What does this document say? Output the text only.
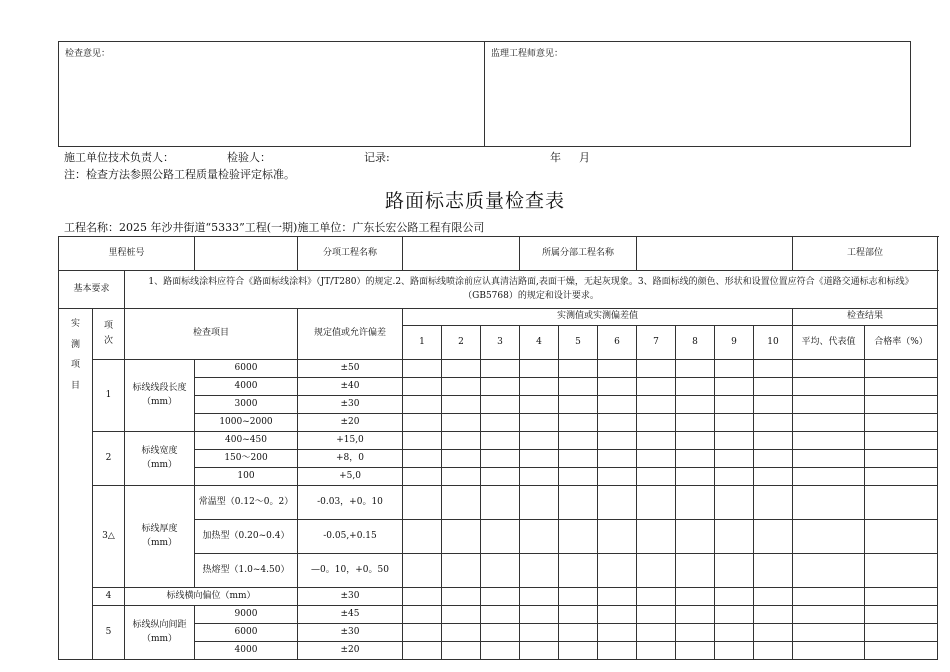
检查意见：	监理工程师意见：
施工单位技术负责人：	检验人：	记录:	年 月
注：检查方法参照公路工程质量检验评定标准。
路面标志质量检查表
工程名称：2025 年沙井街道“5333”工程(一期)施工单位：广东长宏公路工程有限公司
里程桩号				分项工程名称				所属分部工程名称							工程部位		
基本要求		1、路面标线涂料应符合《路面标线涂料》（JT/T280）的规定.2、路面标线喷涂前应认真清洁路面,表面干燥，无起灰现象。3、路面标线的颜色、形状和设置位置应符合《道路交通标志和标线》（GB5768）的规定和设计要求。															

实
测
项
目	项
次	检查项目		规定值或允许偏差	实测值或实测偏差值										检查结果		
					1	2	3	4	5	6	7	8	9	10	平均、代表值	合格率（%）	
	1	标线线段长度（mm）	6000	±50													
			4000	±40													
			3000	±30													
			1000~2000	±20													
	2	标线宽度（mm）	400~450	+15,0													
			150～200	+8，0													
			100	+5,0													
	3△	标线厚度（mm）	常温型（0.12～0。2）	-0.03，+0。10													
			加热型（0.20~0.4）	-0.05,+0.15													
			热熔型（1.0~4.50）	—0。10，+0。50													
	4	标线横向偏位（mm）		±30													
	5	标线纵向间距（mm）	9000	±45													
			6000	±30													
			4000	±20													
